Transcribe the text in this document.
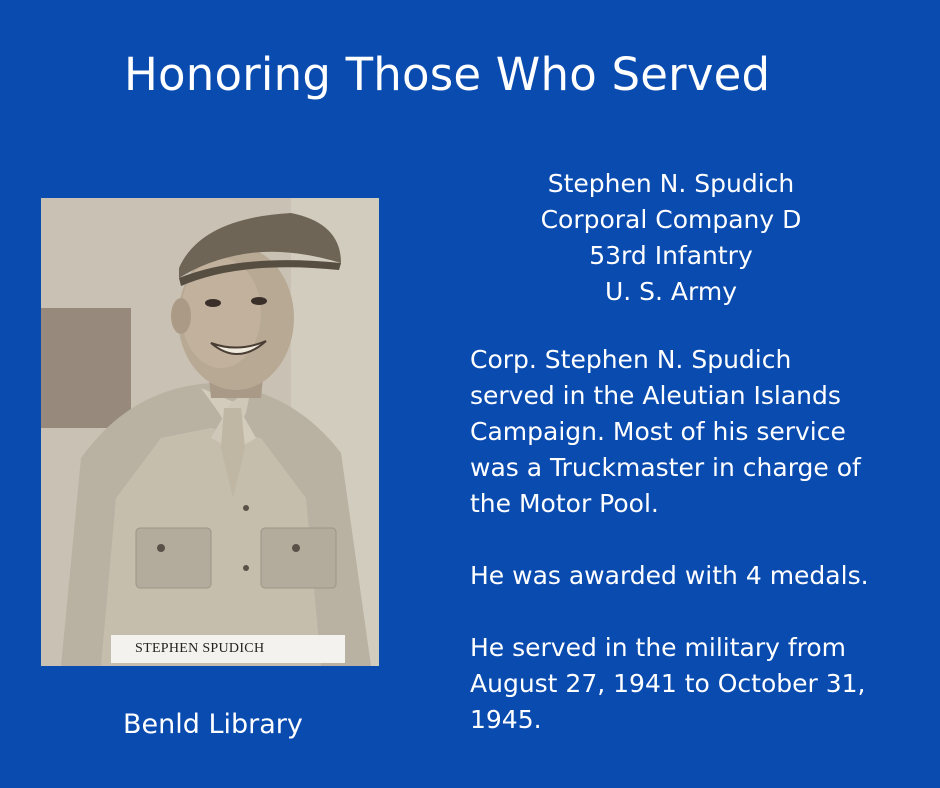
Honoring Those Who Served
STEPHEN SPUDICH
Benld Library
Stephen N. Spudich
Corporal Company D
53rd Infantry
U. S. Army

Corp. Stephen N. Spudich
served in the Aleutian Islands
Campaign. Most of his service
was a Truckmaster in charge of
the Motor Pool.

He was awarded with 4 medals.

He served in the military from
August 27, 1941 to October 31,
1945.
